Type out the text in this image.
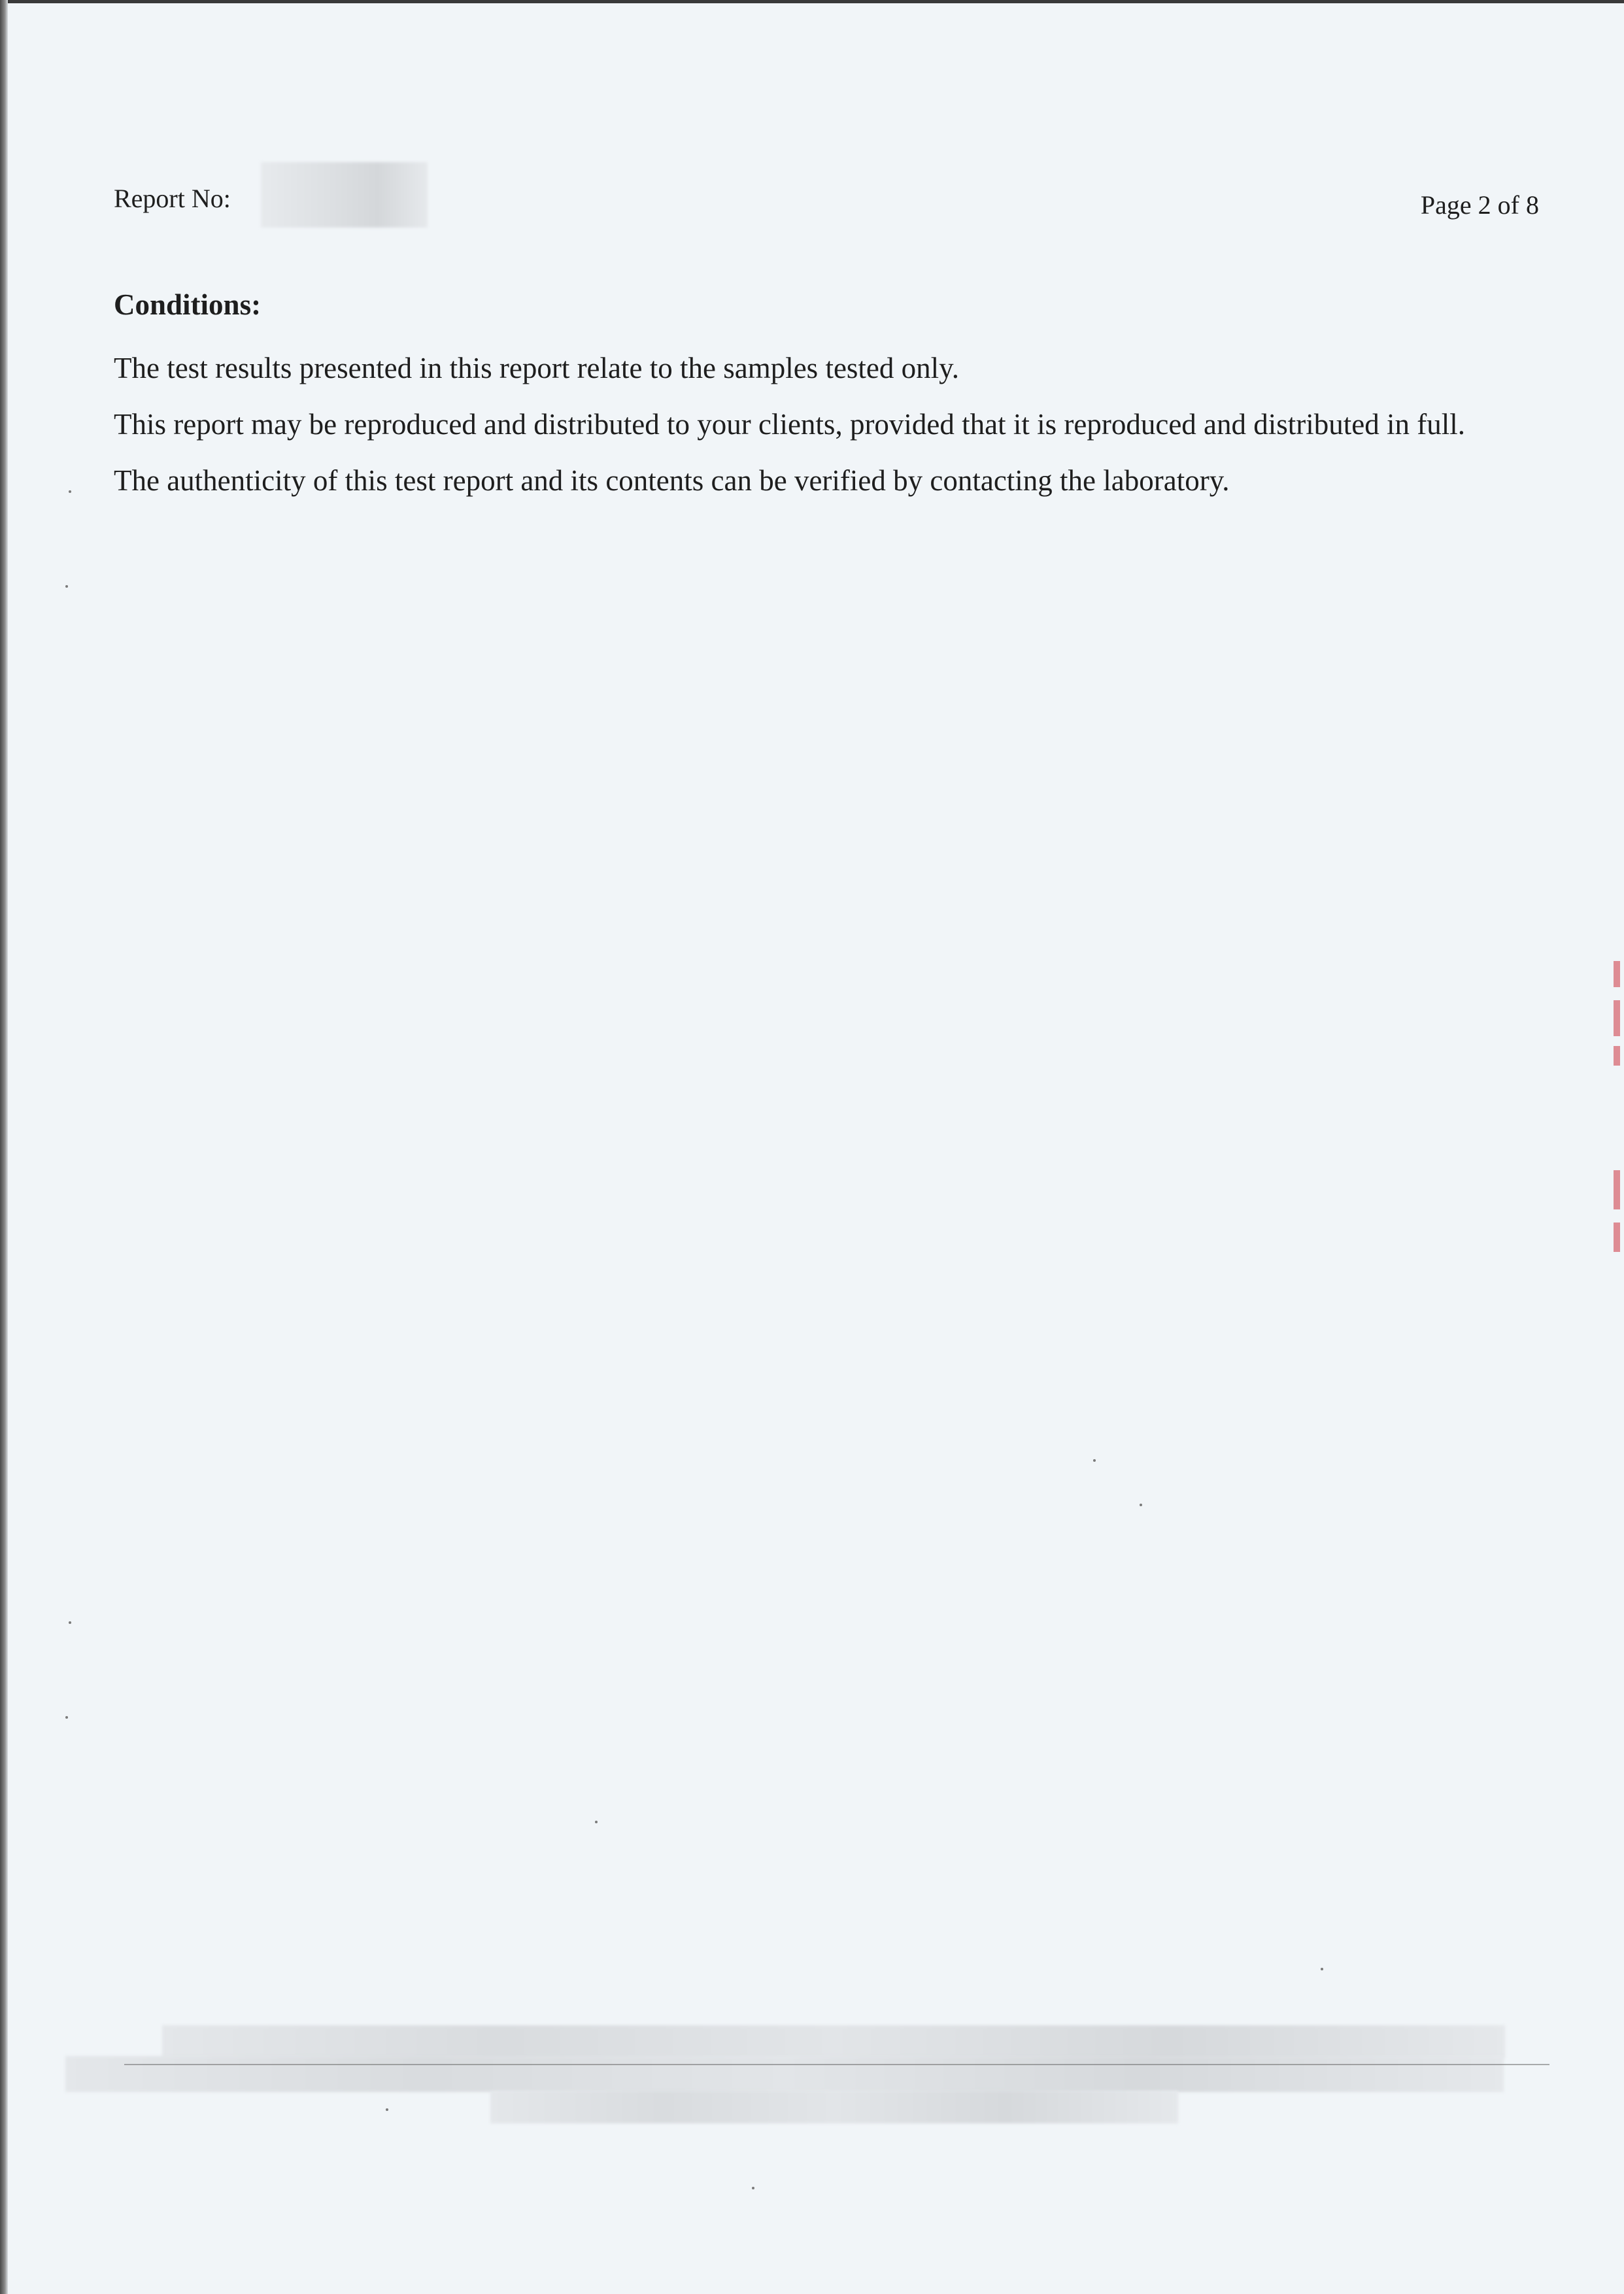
Report No:	Page 2 of 8
Conditions:

The test results presented in this report relate to the samples tested only.

This report may be reproduced and distributed to your clients, provided that it is reproduced and distributed in full.

The authenticity of this test report and its contents can be verified by contacting the laboratory.
